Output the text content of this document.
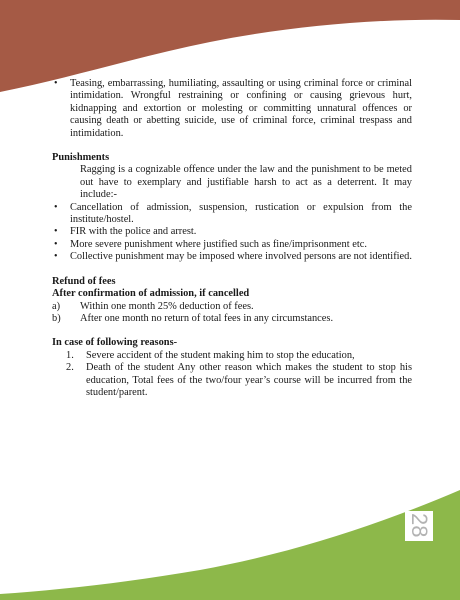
28
• Teasing, embarrassing, humiliating, assaulting or using criminal force or criminal intimidation. Wrongful restraining or confining or causing grievous hurt, kidnapping and extortion or molesting or committing unnatural offences or causing death or abetting suicide, use of criminal force, criminal trespass and intimidation.
Punishments
Ragging is a cognizable offence under the law and the punishment to be meted out have to exemplary and justifiable harsh to act as a deterrent. It may include:-
• Cancellation of admission, suspension, rustication or expulsion from the institute/hostel.
• FIR with the police and arrest.
• More severe punishment where justified such as fine/imprisonment etc.
• Collective punishment may be imposed where involved persons are not identified.
Refund of fees
After confirmation of admission, if cancelled
a) Within one month 25% deduction of fees.
b) After one month no return of total fees in any circumstances.
In case of following reasons-
1. Severe accident of the student making him to stop the education,
2. Death of the student Any other reason which makes the student to stop his education, Total fees of the two/four year’s course will be incurred from the student/parent.
